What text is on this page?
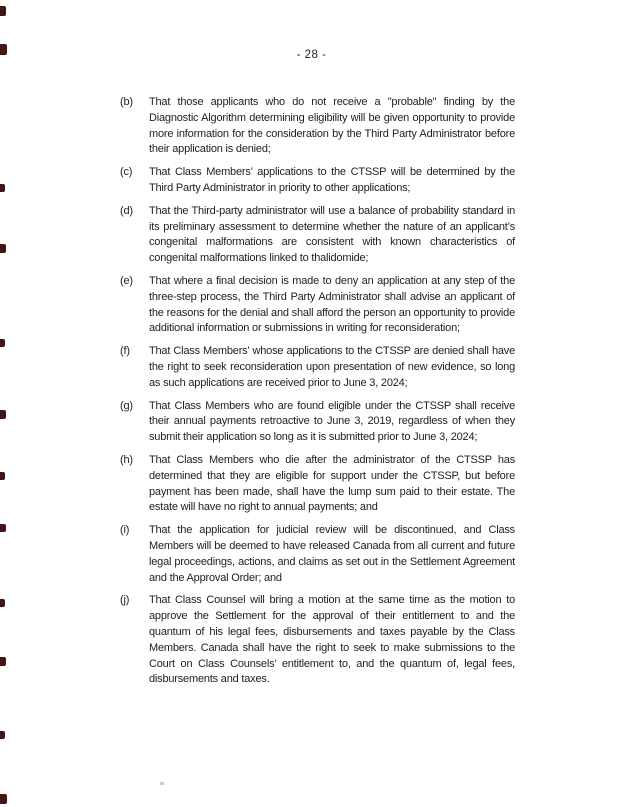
- 28 -
(b)	That those applicants who do not receive a "probable" finding by the Diagnostic Algorithm determining eligibility will be given opportunity to provide more information for the consideration by the Third Party Administrator before their application is denied;
(c)	That Class Members’ applications to the CTSSP will be determined by the Third Party Administrator in priority to other applications;
(d)	That the Third-party administrator will use a balance of probability standard in its preliminary assessment to determine whether the nature of an applicant’s congenital malformations are consistent with known characteristics of congenital malformations linked to thalidomide;
(e)	That where a final decision is made to deny an application at any step of the three-step process, the Third Party Administrator shall advise an applicant of the reasons for the denial and shall afford the person an opportunity to provide additional information or submissions in writing for reconsideration;
(f)	That Class Members' whose applications to the CTSSP are denied shall have the right to seek reconsideration upon presentation of new evidence, so long as such applications are received prior to June 3, 2024;
(g)	That Class Members who are found eligible under the CTSSP shall receive their annual payments retroactive to June 3, 2019, regardless of when they submit their application so long as it is submitted prior to June 3, 2024;
(h)	That Class Members who die after the administrator of the CTSSP has determined that they are eligible for support under the CTSSP, but before payment has been made, shall have the lump sum paid to their estate. The estate will have no right to annual payments; and
(i)	That the application for judicial review will be discontinued, and Class Members will be deemed to have released Canada from all current and future legal proceedings, actions, and claims as set out in the Settlement Agreement and the Approval Order; and
(j)	That Class Counsel will bring a motion at the same time as the motion to approve the Settlement for the approval of their entitlement to and the quantum of his legal fees, disbursements and taxes payable by the Class Members. Canada shall have the right to seek to make submissions to the Court on Class Counsels’ entitlement to, and the quantum of, legal fees, disbursements and taxes.
